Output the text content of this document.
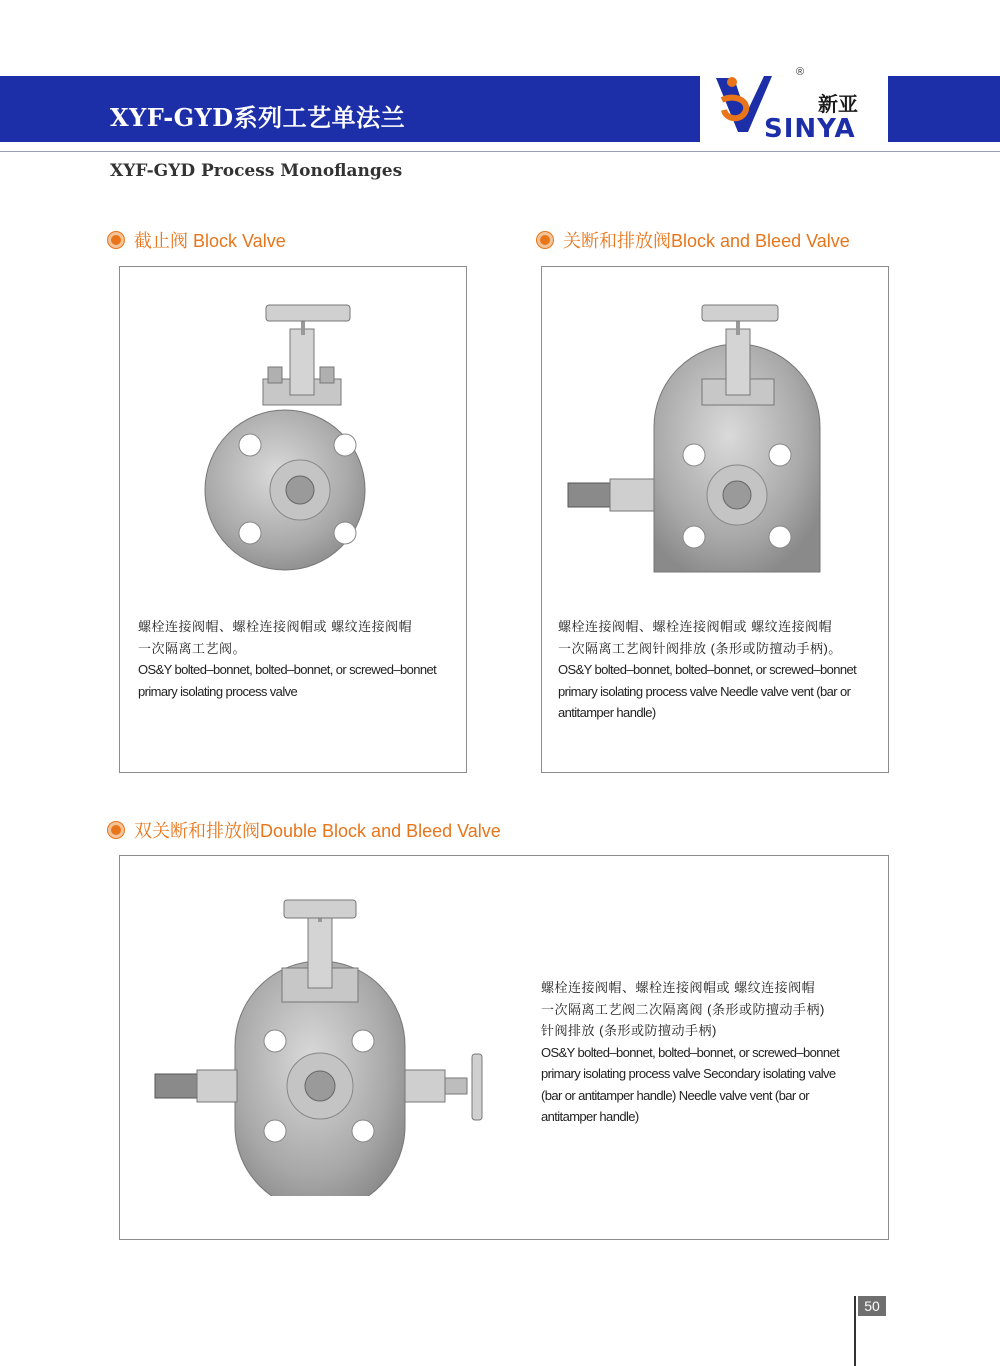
XYF-GYD系列工艺单法兰
®
新亚
SINYA
XYF-GYD Process Monoflanges
截止阀 Block Valve
螺栓连接阀帽、螺栓连接阀帽或 螺纹连接阀帽
一次隔离工艺阀。
OS&Y bolted–bonnet, bolted–bonnet, or screwed–bonnet
primary isolating process valve
关断和排放阀Block and Bleed Valve
螺栓连接阀帽、螺栓连接阀帽或 螺纹连接阀帽
一次隔离工艺阀针阀排放 (条形或防擅动手柄)。
OS&Y bolted–bonnet, bolted–bonnet, or screwed–bonnet
primary isolating process valve Needle valve vent (bar or
antitamper handle)
双关断和排放阀Double Block and Bleed Valve
螺栓连接阀帽、螺栓连接阀帽或 螺纹连接阀帽
一次隔离工艺阀二次隔离阀 (条形或防擅动手柄)
针阀排放 (条形或防擅动手柄)
OS&Y bolted–bonnet, bolted–bonnet, or screwed–bonnet
primary isolating process valve Secondary isolating valve
(bar or antitamper handle) Needle valve vent (bar or
antitamper handle)
50
